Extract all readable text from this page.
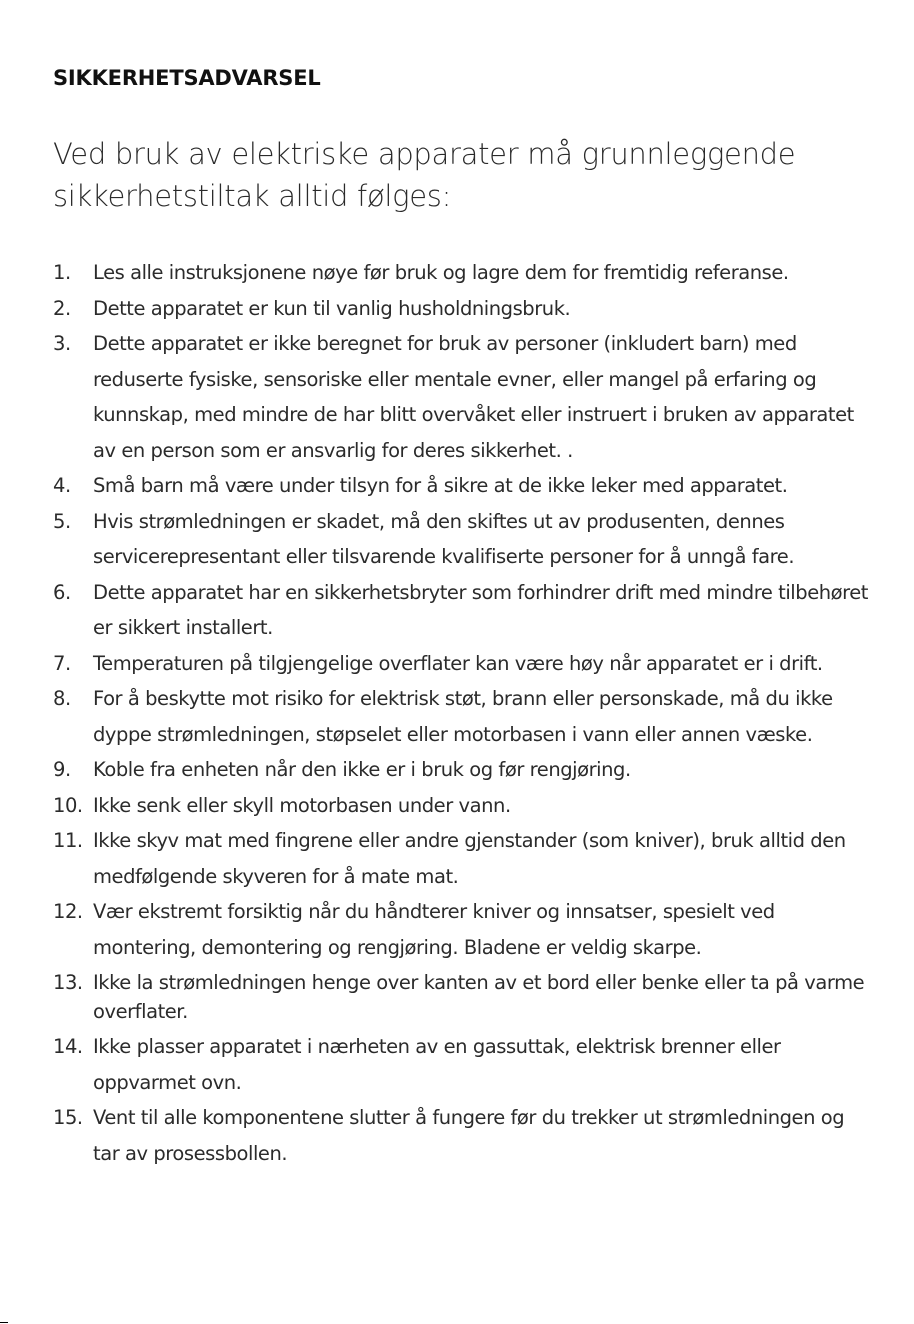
SIKKERHETSADVARSEL
Ved bruk av elektriske apparater må grunnleggende sikkerhetstiltak alltid følges:
1.	Les alle instruksjonene nøye før bruk og lagre dem for fremtidig referanse.
2.	Dette apparatet er kun til vanlig husholdningsbruk.
3.	Dette apparatet er ikke beregnet for bruk av personer (inkludert barn) med reduserte fysiske, sensoriske eller mentale evner, eller mangel på erfaring og kunnskap, med mindre de har blitt overvåket eller instruert i bruken av apparatet av en person som er ansvarlig for deres sikkerhet. .
4.	Små barn må være under tilsyn for å sikre at de ikke leker med apparatet.
5.	Hvis strømledningen er skadet, må den skiftes ut av produsenten, dennes servicerepresentant eller tilsvarende kvalifiserte personer for å unngå fare.
6.	Dette apparatet har en sikkerhetsbryter som forhindrer drift med mindre tilbehøret er sikkert installert.
7.	Temperaturen på tilgjengelige overflater kan være høy når apparatet er i drift.
8.	For å beskytte mot risiko for elektrisk støt, brann eller personskade, må du ikke dyppe strømledningen, støpselet eller motorbasen i vann eller annen væske.
9.	Koble fra enheten når den ikke er i bruk og før rengjøring.
10. Ikke senk eller skyll motorbasen under vann.
11. Ikke skyv mat med fingrene eller andre gjenstander (som kniver), bruk alltid den medfølgende skyveren for å mate mat.
12. Vær ekstremt forsiktig når du håndterer kniver og innsatser, spesielt ved montering, demontering og rengjøring. Bladene er veldig skarpe.
13. Ikke la strømledningen henge over kanten av et bord eller benke eller ta på varme overflater.
14. Ikke plasser apparatet i nærheten av en gassuttak, elektrisk brenner eller oppvarmet ovn.
15. Vent til alle komponentene slutter å fungere før du trekker ut strømledningen og tar av prosessbollen.
